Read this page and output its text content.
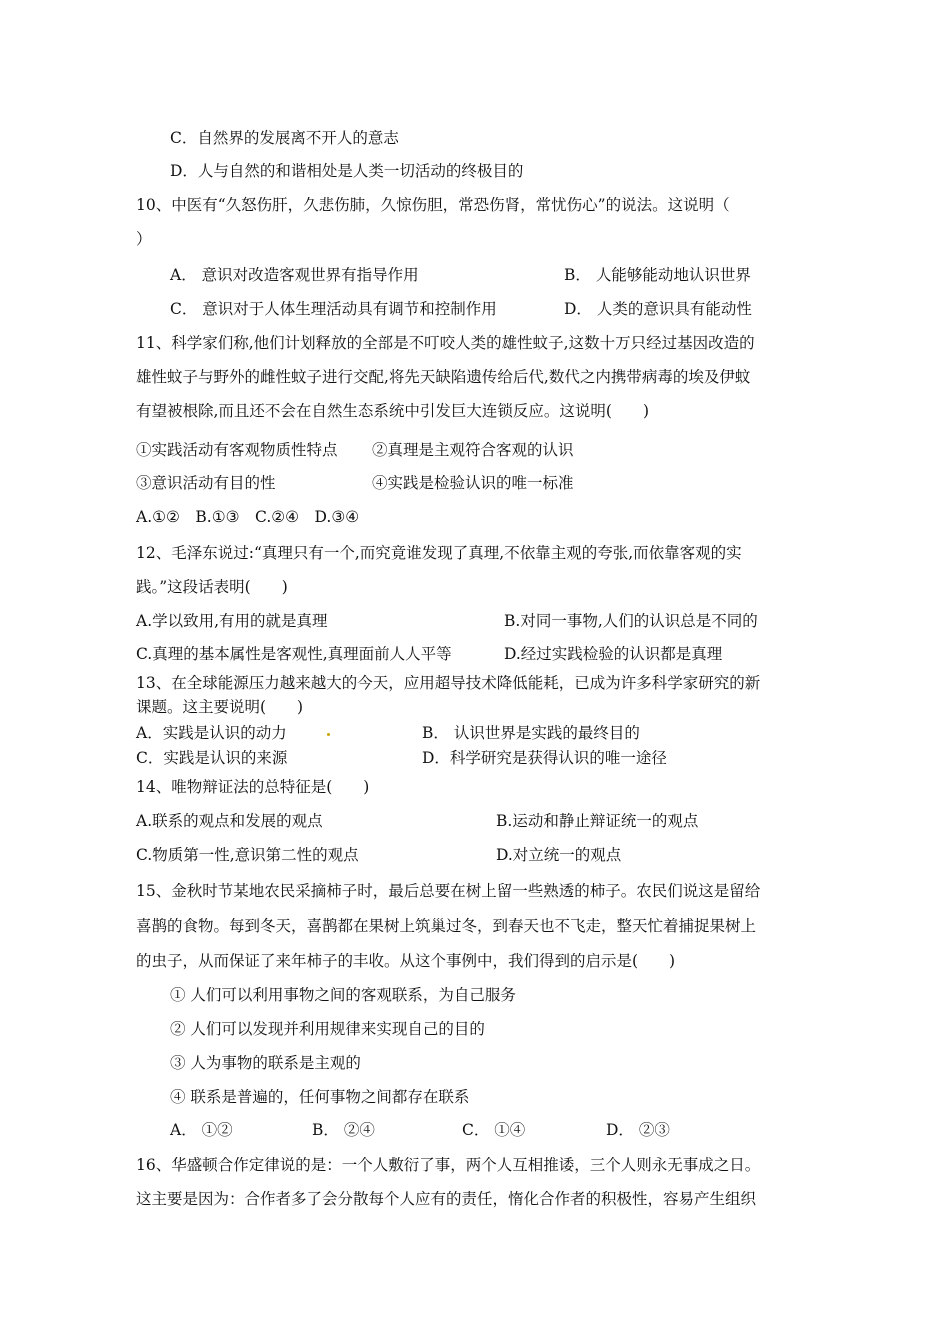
C．自然界的发展离不开人的意志
D．人与自然的和谐相处是人类一切活动的终极目的
10、中医有“久怒伤肝，久悲伤肺，久惊伤胆，常恐伤肾，常忧伤心”的说法。这说明（
）
A． 意识对改造客观世界有指导作用	B． 人能够能动地认识世界
C． 意识对于人体生理活动具有调节和控制作用	D． 人类的意识具有能动性
11、科学家们称,他们计划释放的全部是不叮咬人类的雄性蚊子,这数十万只经过基因改造的
雄性蚊子与野外的雌性蚊子进行交配,将先天缺陷遗传给后代,数代之内携带病毒的埃及伊蚊
有望被根除,而且还不会在自然生态系统中引发巨大连锁反应。这说明(　　)
①实践活动有客观物质性特点 ②真理是主观符合客观的认识
③意识活动有目的性	④实践是检验认识的唯一标准
A.①②　B.①③　C.②④　D.③④
12、毛泽东说过:“真理只有一个,而究竟谁发现了真理,不依靠主观的夸张,而依靠客观的实
践。”这段话表明(　　)
A.学以致用,有用的就是真理	B.对同一事物,人们的认识总是不同的
C.真理的基本属性是客观性,真理面前人人平等	D.经过实践检验的认识都是真理
13、在全球能源压力越来越大的今天，应用超导技术降低能耗，已成为许多科学家研究的新
课题。这主要说明(　　)
A．实践是认识的动力	B． 认识世界是实践的最终目的
C．实践是认识的来源	D．科学研究是获得认识的唯一途径
14、唯物辩证法的总特征是(　　)
A.联系的观点和发展的观点	B.运动和静止辩证统一的观点
C.物质第一性,意识第二性的观点	D.对立统一的观点
15、金秋时节某地农民采摘柿子时，最后总要在树上留一些熟透的柿子。农民们说这是留给
喜鹊的食物。每到冬天，喜鹊都在果树上筑巢过冬，到春天也不飞走，整天忙着捕捉果树上
的虫子，从而保证了来年柿子的丰收。从这个事例中，我们得到的启示是(　　)
① 人们可以利用事物之间的客观联系，为自己服务
② 人们可以发现并利用规律来实现自己的目的
③ 人为事物的联系是主观的
④ 联系是普遍的，任何事物之间都存在联系
A． ①②	B． ②④	C． ①④	D． ②③
16、华盛顿合作定律说的是：一个人敷衍了事，两个人互相推诿，三个人则永无事成之日。
这主要是因为：合作者多了会分散每个人应有的责任，惰化合作者的积极性，容易产生组织
